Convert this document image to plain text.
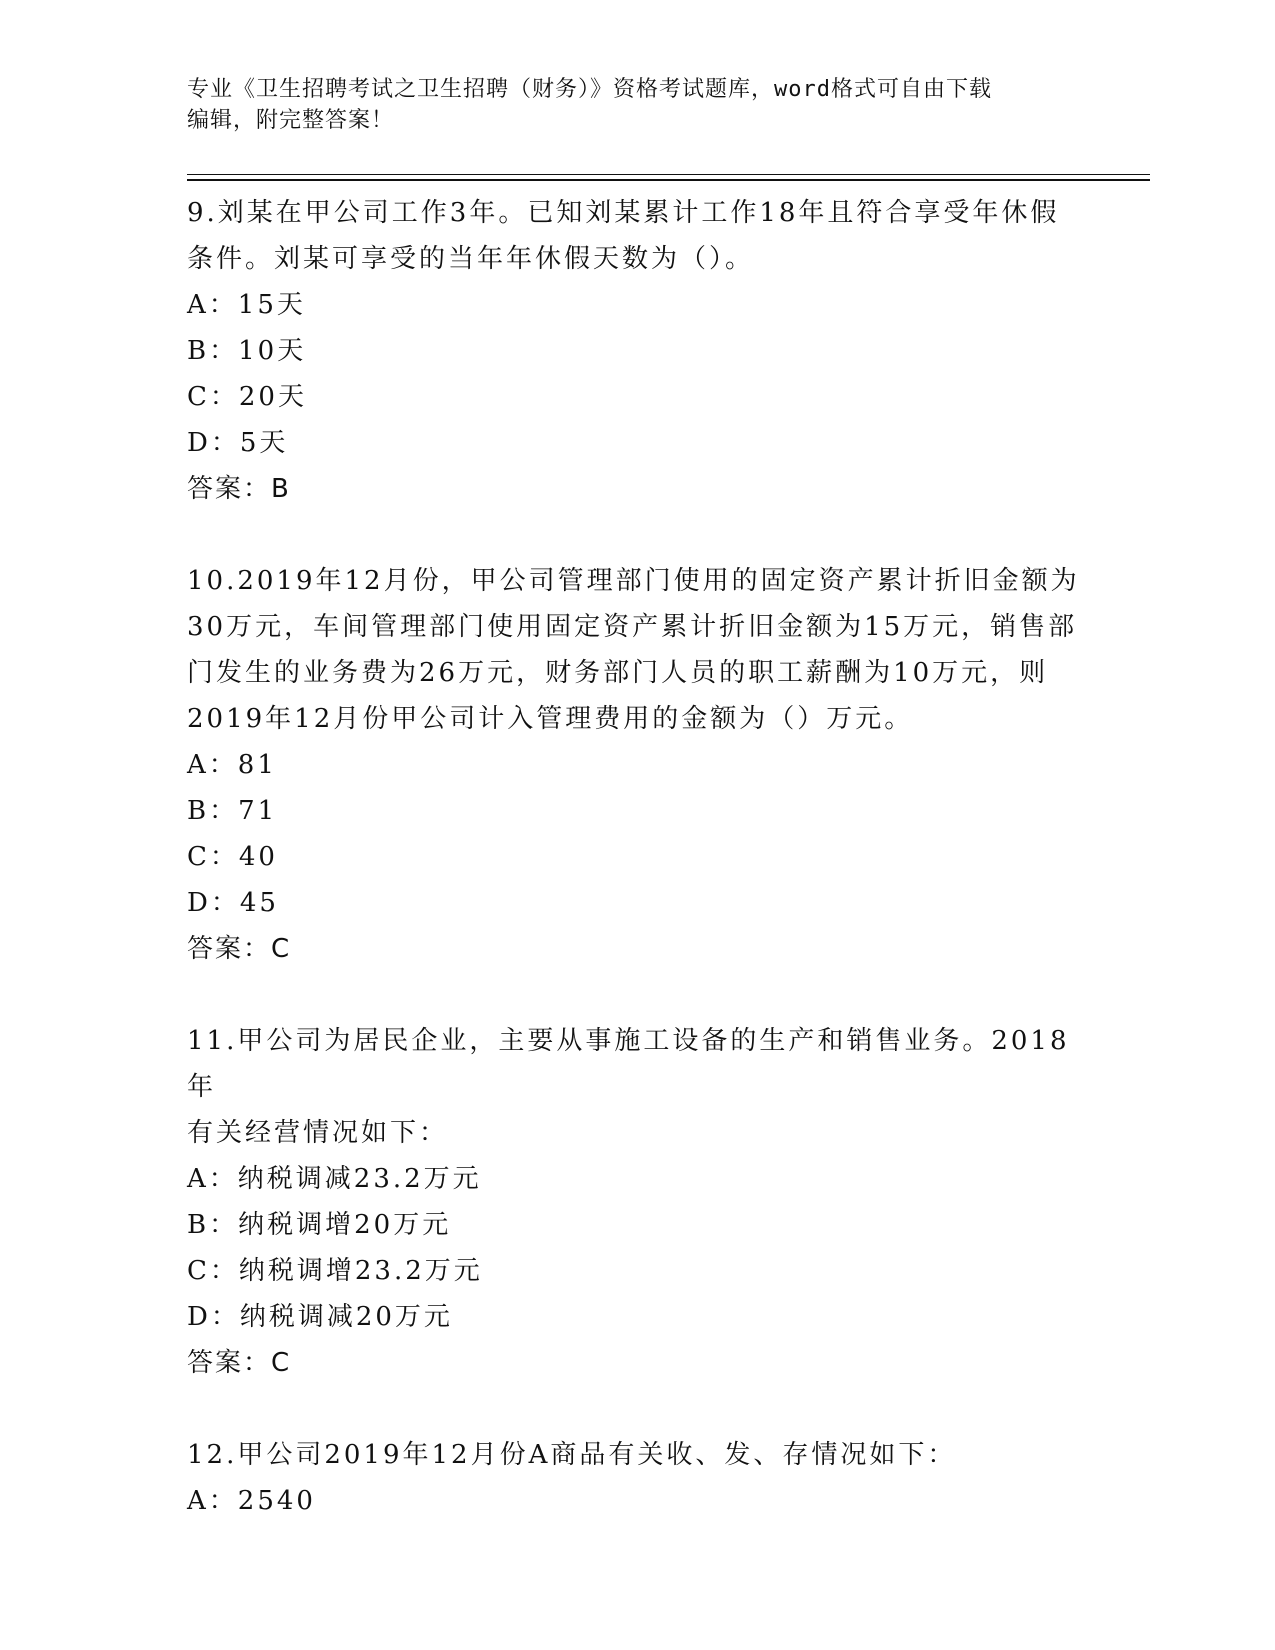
专业《卫生招聘考试之卫生招聘（财务）》资格考试题库，word格式可自由下载
编辑，附完整答案！
9.刘某在甲公司工作3年。已知刘某累计工作18年且符合享受年休假
条件。刘某可享受的当年年休假天数为（）。
A：15天
B：10天
C：20天
D：5天
答案：B
10.2019年12月份，甲公司管理部门使用的固定资产累计折旧金额为
30万元，车间管理部门使用固定资产累计折旧金额为15万元，销售部
门发生的业务费为26万元，财务部门人员的职工薪酬为10万元，则
2019年12月份甲公司计入管理费用的金额为（）万元。
A：81
B：71
C：40
D：45
答案：C
11.甲公司为居民企业，主要从事施工设备的生产和销售业务。2018年
有关经营情况如下：
A：纳税调减23.2万元
B：纳税调增20万元
C：纳税调增23.2万元
D：纳税调减20万元
答案：C
12.甲公司2019年12月份A商品有关收、发、存情况如下：
A：2540
